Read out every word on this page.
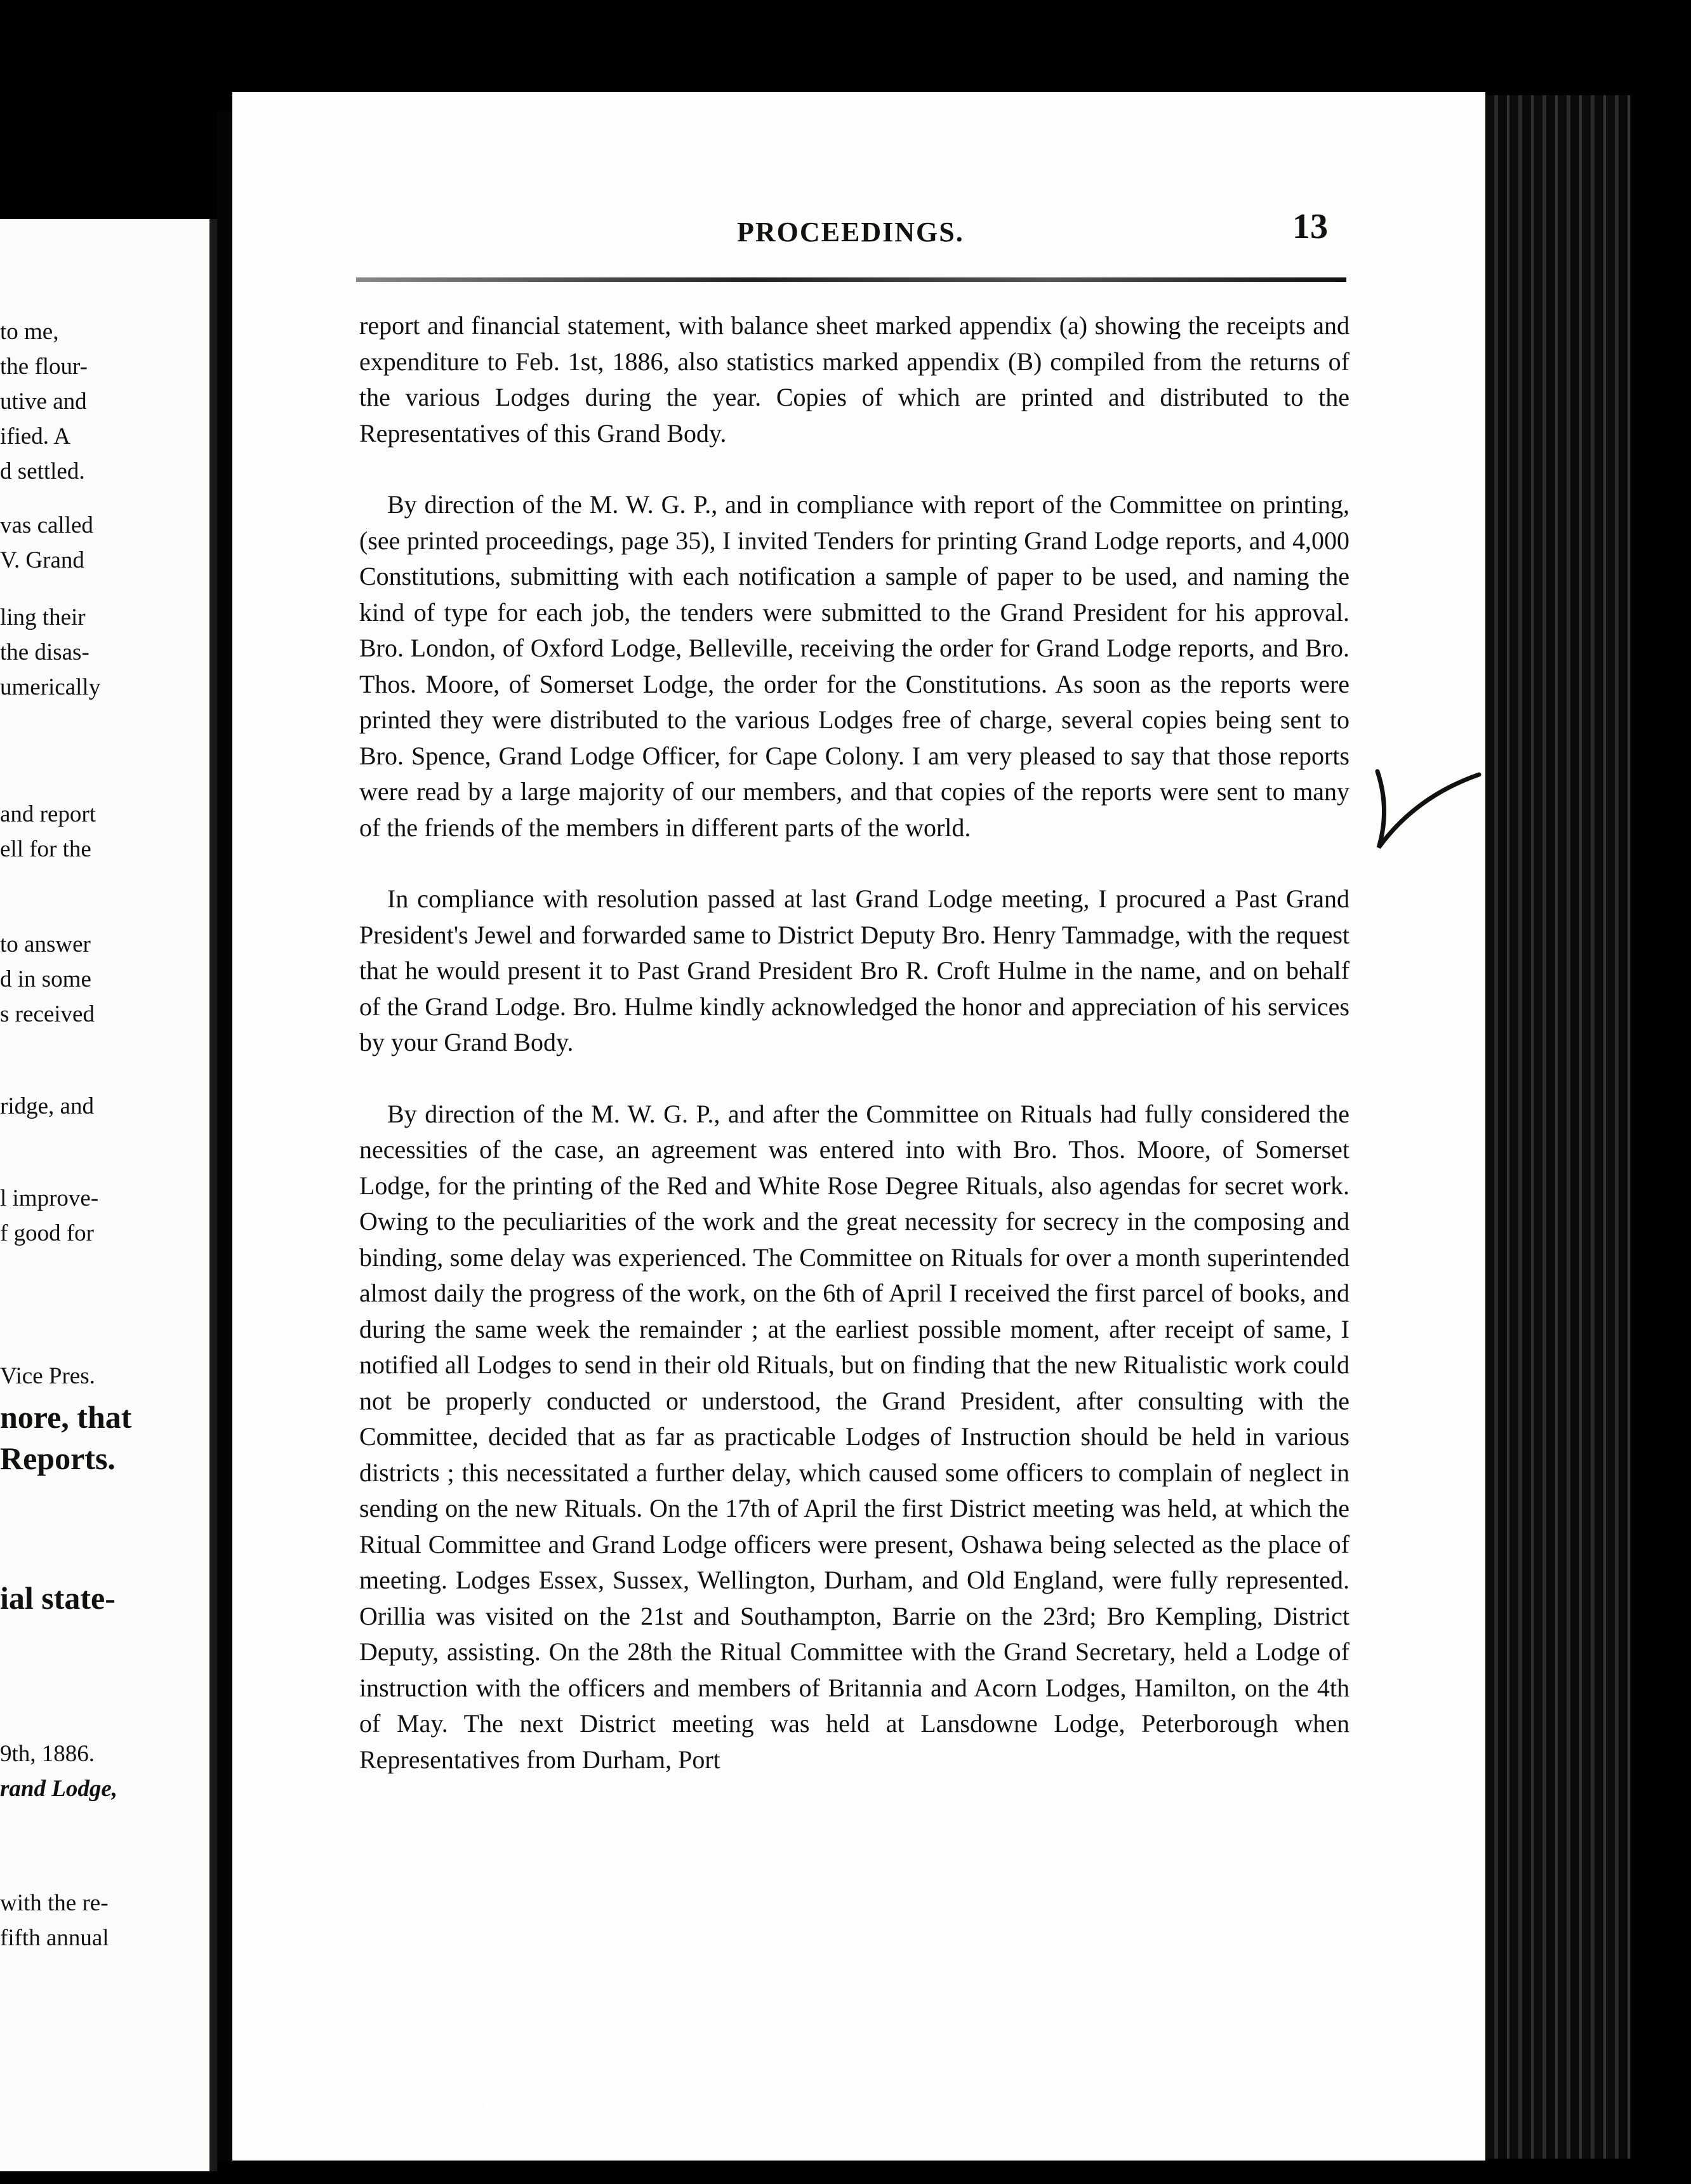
to me,
the flour-
utive and
ified. A
d settled.
vas called
V. Grand
ling their
the disas-
umerically
and report
ell for the
to answer
d in some
s received
ridge, and
l improve-
f good for
Vice Pres.
nore, that
Reports.
ial state-
9th, 1886.
rand Lodge,
with the re-
fifth annual
PROCEEDINGS.	13

report and financial statement, with balance sheet marked appendix (a) showing the receipts and expenditure to Feb. 1st, 1886, also statistics marked appendix (B) compiled from the returns of the various Lodges during the year. Copies of which are printed and distributed to the Representatives of this Grand Body.

By direction of the M. W. G. P., and in compliance with report of the Committee on printing, (see printed proceedings, page 35), I invited Tenders for printing Grand Lodge reports, and 4,000 Constitutions, submitting with each notification a sample of paper to be used, and naming the kind of type for each job, the tenders were submitted to the Grand President for his approval. Bro. London, of Oxford Lodge, Belleville, receiving the order for Grand Lodge reports, and Bro. Thos. Moore, of Somerset Lodge, the order for the Constitutions. As soon as the reports were printed they were distributed to the various Lodges free of charge, several copies being sent to Bro. Spence, Grand Lodge Officer, for Cape Colony. I am very pleased to say that those reports were read by a large majority of our members, and that copies of the reports were sent to many of the friends of the members in different parts of the world.

In compliance with resolution passed at last Grand Lodge meeting, I procured a Past Grand President's Jewel and forwarded same to District Deputy Bro. Henry Tammadge, with the request that he would present it to Past Grand President Bro R. Croft Hulme in the name, and on behalf of the Grand Lodge. Bro. Hulme kindly acknowledged the honor and appreciation of his services by your Grand Body.

By direction of the M. W. G. P., and after the Committee on Rituals had fully considered the necessities of the case, an agreement was entered into with Bro. Thos. Moore, of Somerset Lodge, for the printing of the Red and White Rose Degree Rituals, also agendas for secret work. Owing to the peculiarities of the work and the great necessity for secrecy in the composing and binding, some delay was experienced. The Committee on Rituals for over a month superintended almost daily the progress of the work, on the 6th of April I received the first parcel of books, and during the same week the remainder ; at the earliest possible moment, after receipt of same, I notified all Lodges to send in their old Rituals, but on finding that the new Ritualistic work could not be properly conducted or understood, the Grand President, after consulting with the Committee, decided that as far as practicable Lodges of Instruction should be held in various districts ; this necessitated a further delay, which caused some officers to complain of neglect in sending on the new Rituals. On the 17th of April the first District meeting was held, at which the Ritual Committee and Grand Lodge officers were present, Oshawa being selected as the place of meeting. Lodges Essex, Sussex, Wellington, Durham, and Old England, were fully represented. Orillia was visited on the 21st and Southampton, Barrie on the 23rd; Bro Kempling, District Deputy, assisting. On the 28th the Ritual Committee with the Grand Secretary, held a Lodge of instruction with the officers and members of Britannia and Acorn Lodges, Hamilton, on the 4th of May. The next District meeting was held at Lansdowne Lodge, Peterborough when Representatives from Durham, Port
